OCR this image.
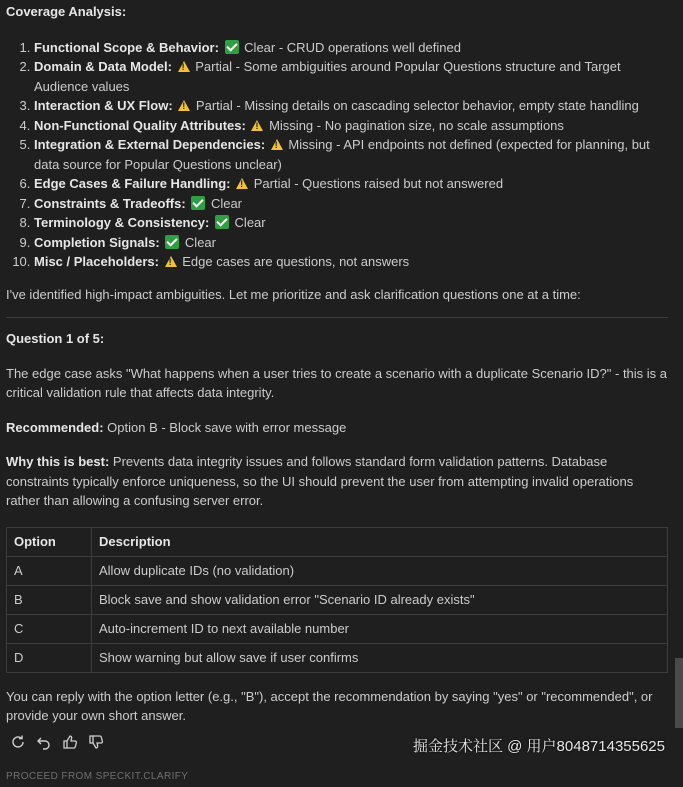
Coverage Analysis:
1. Functional Scope & Behavior: Clear - CRUD operations well defined
2. Domain & Data Model: ! Partial - Some ambiguities around Popular Questions structure and Target Audience values
3. Interaction & UX Flow: ! Partial - Missing details on cascading selector behavior, empty state handling
4. Non-Functional Quality Attributes: ! Missing - No pagination size, no scale assumptions
5. Integration & External Dependencies: ! Missing - API endpoints not defined (expected for planning, but data source for Popular Questions unclear)
6. Edge Cases & Failure Handling: ! Partial - Questions raised but not answered
7. Constraints & Tradeoffs: Clear
8. Terminology & Consistency: Clear
9. Completion Signals: Clear
10. Misc / Placeholders: ! Edge cases are questions, not answers

I've identified high-impact ambiguities. Let me prioritize and ask clarification questions one at a time:

Question 1 of 5:

The edge case asks "What happens when a user tries to create a scenario with a duplicate Scenario ID?" - this is a critical validation rule that affects data integrity.

Recommended: Option B - Block save with error message

Why this is best: Prevents data integrity issues and follows standard form validation patterns. Database constraints typically enforce uniqueness, so the UI should prevent the user from attempting invalid operations rather than allowing a confusing server error.

Option	Description
A	Allow duplicate IDs (no validation)
B	Block save and show validation error "Scenario ID already exists"
C	Auto-increment ID to next available number
D	Show warning but allow save if user confirms

You can reply with the option letter (e.g., "B"), accept the recommendation by saying "yes" or "recommended", or provide your own short answer.

掘金技术社区 @ 用户8048714355625
PROCEED FROM SPECKIT.CLARIFY
